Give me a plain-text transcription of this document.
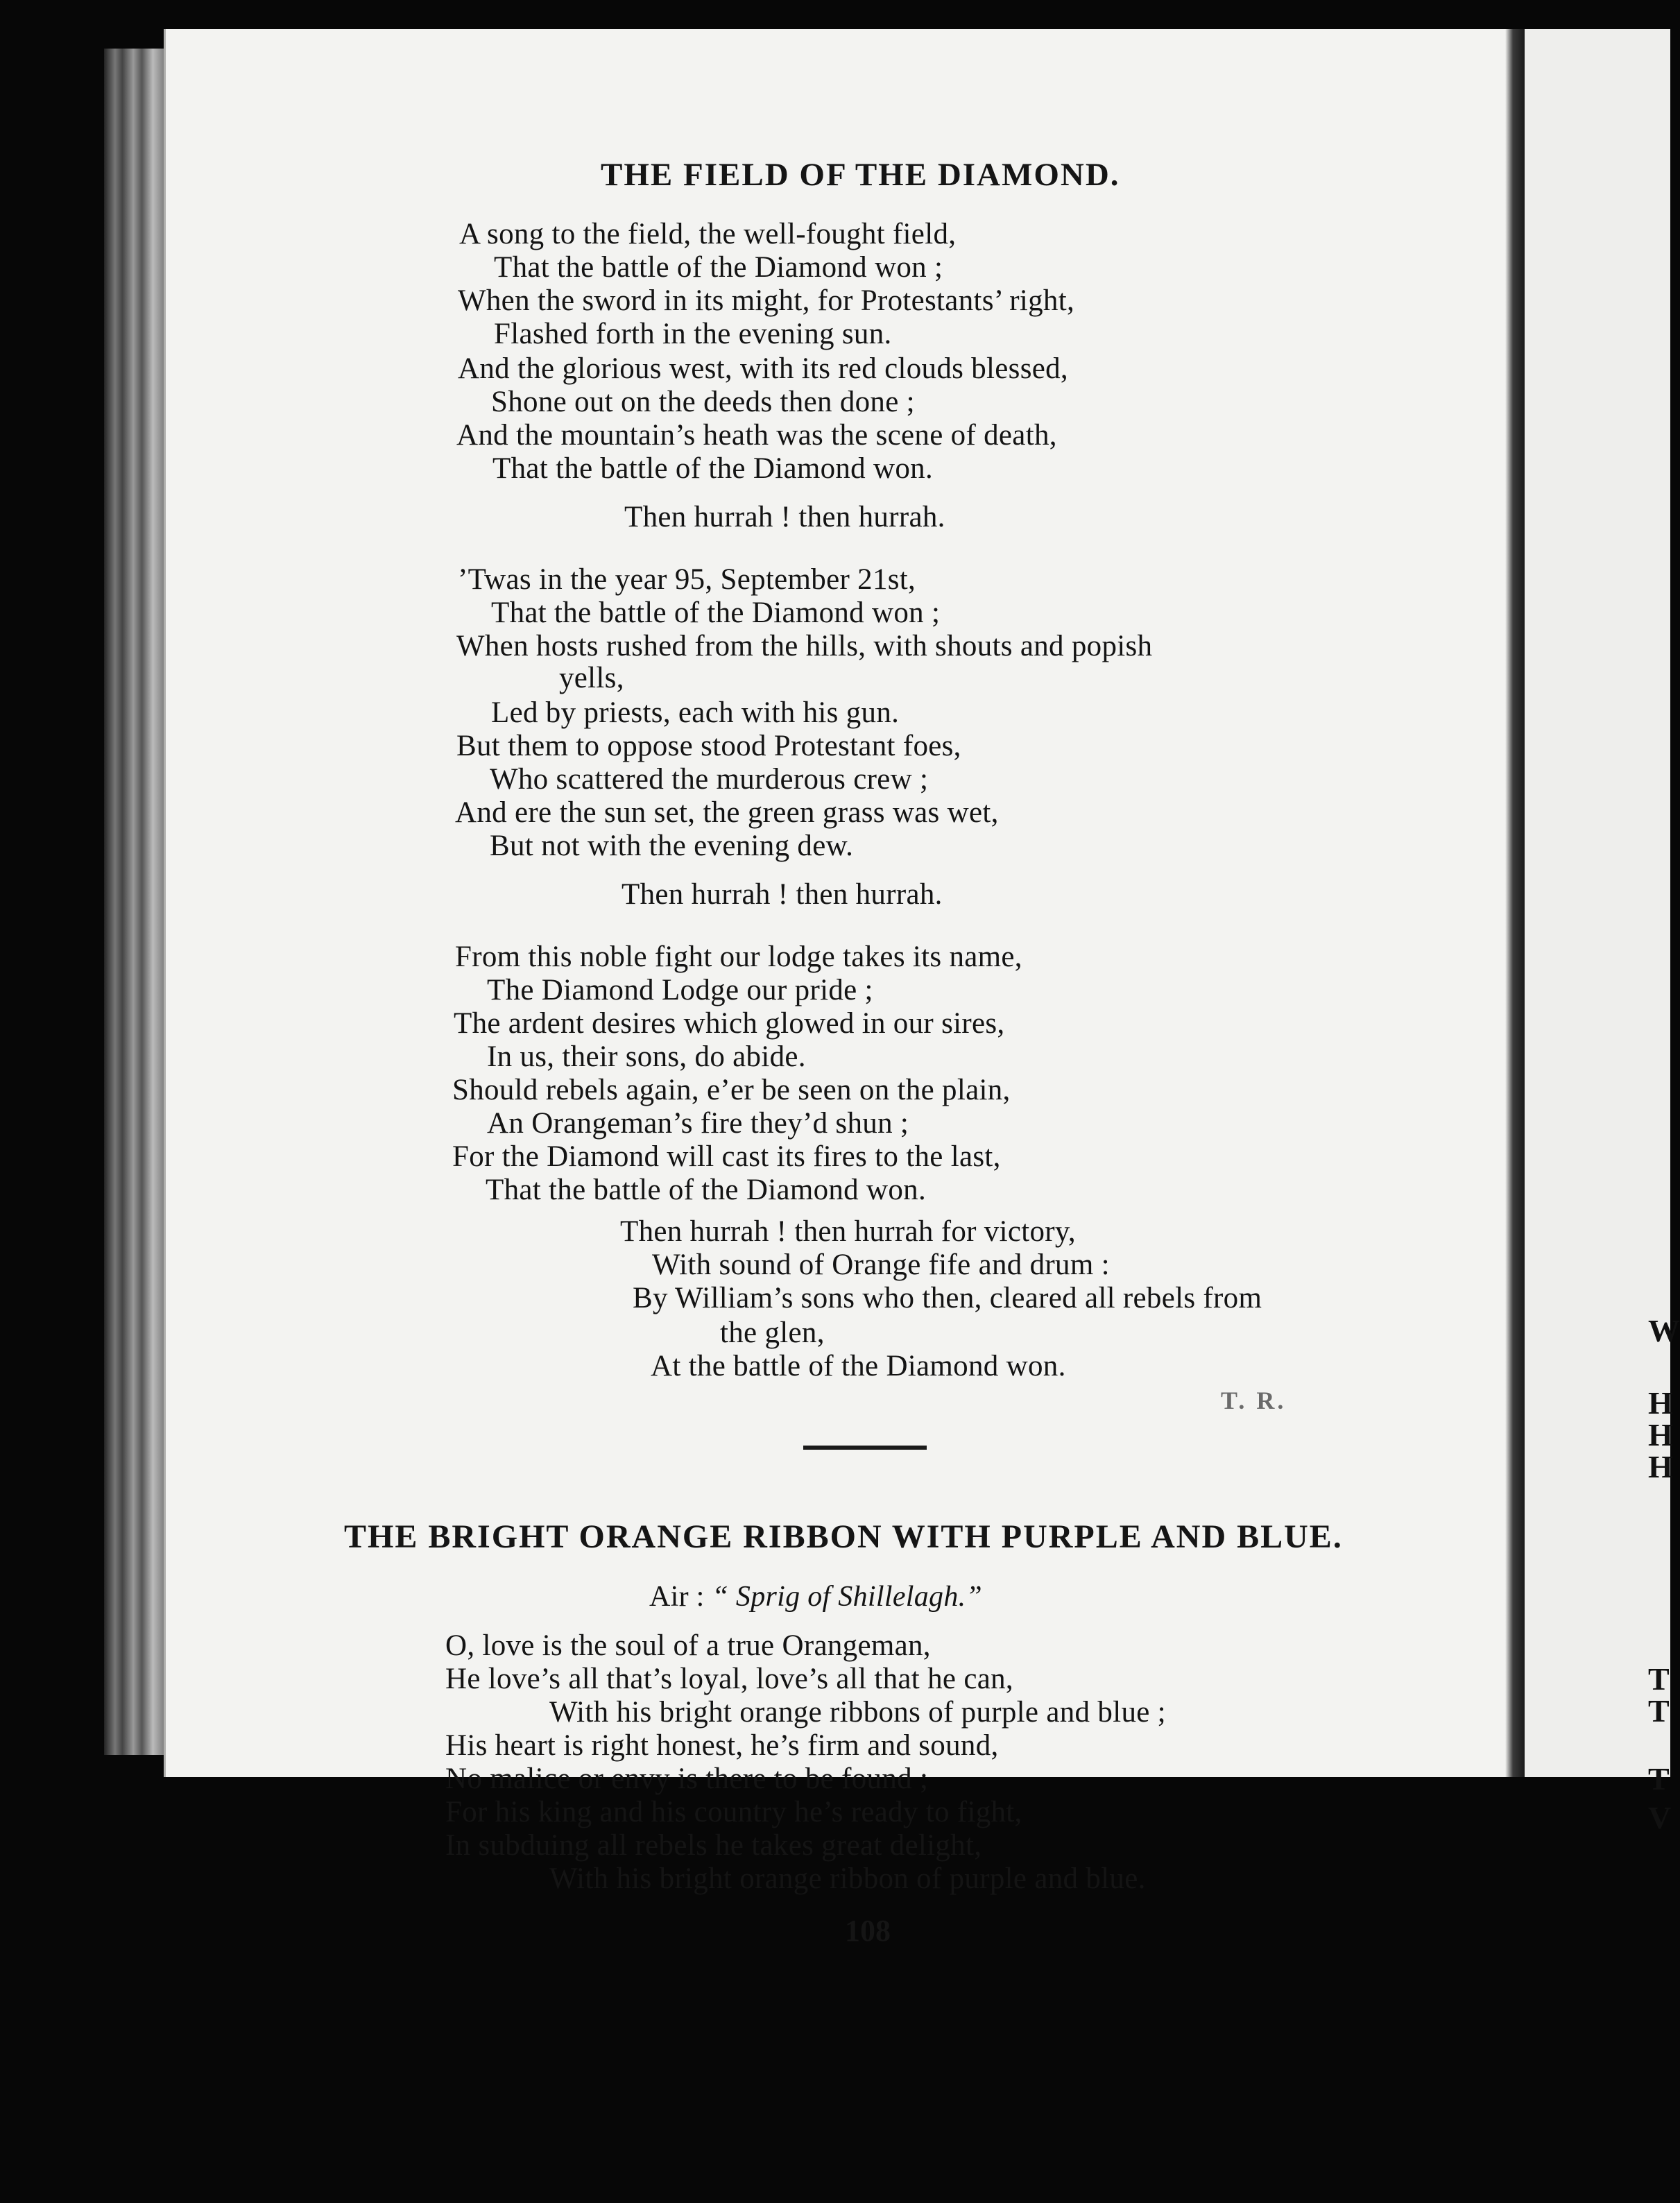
W
H
H
H
T
T
T
V
THE FIELD OF THE DIAMOND.
A song to the field, the well-fought field,
That the battle of the Diamond won ;
When the sword in its might, for Protestants’ right,
Flashed forth in the evening sun.
And the glorious west, with its red clouds blessed,
Shone out on the deeds then done ;
And the mountain’s heath was the scene of death,
That the battle of the Diamond won.
Then hurrah ! then hurrah.
’Twas in the year 95, September 21st,
That the battle of the Diamond won ;
When hosts rushed from the hills, with shouts and popish
yells,
Led by priests, each with his gun.
But them to oppose stood Protestant foes,
Who scattered the murderous crew ;
And ere the sun set, the green grass was wet,
But not with the evening dew.
Then hurrah ! then hurrah.
From this noble fight our lodge takes its name,
The Diamond Lodge our pride ;
The ardent desires which glowed in our sires,
In us, their sons, do abide.
Should rebels again, e’er be seen on the plain,
An Orangeman’s fire they’d shun ;
For the Diamond will cast its fires to the last,
That the battle of the Diamond won.
Then hurrah ! then hurrah for victory,
With sound of Orange fife and drum :
By William’s sons who then, cleared all rebels from
the glen,
At the battle of the Diamond won.
T. R.
THE BRIGHT ORANGE RIBBON WITH PURPLE AND BLUE.
Air : “ Sprig of Shillelagh.”
O, love is the soul of a true Orangeman,
He love’s all that’s loyal, love’s all that he can,
With his bright orange ribbons of purple and blue ;
His heart is right honest, he’s firm and sound,
No malice or envy is there to be found ;
For his king and his country he’s ready to fight,
In subduing all rebels he takes great delight,
With his bright orange ribbon of purple and blue.
108
